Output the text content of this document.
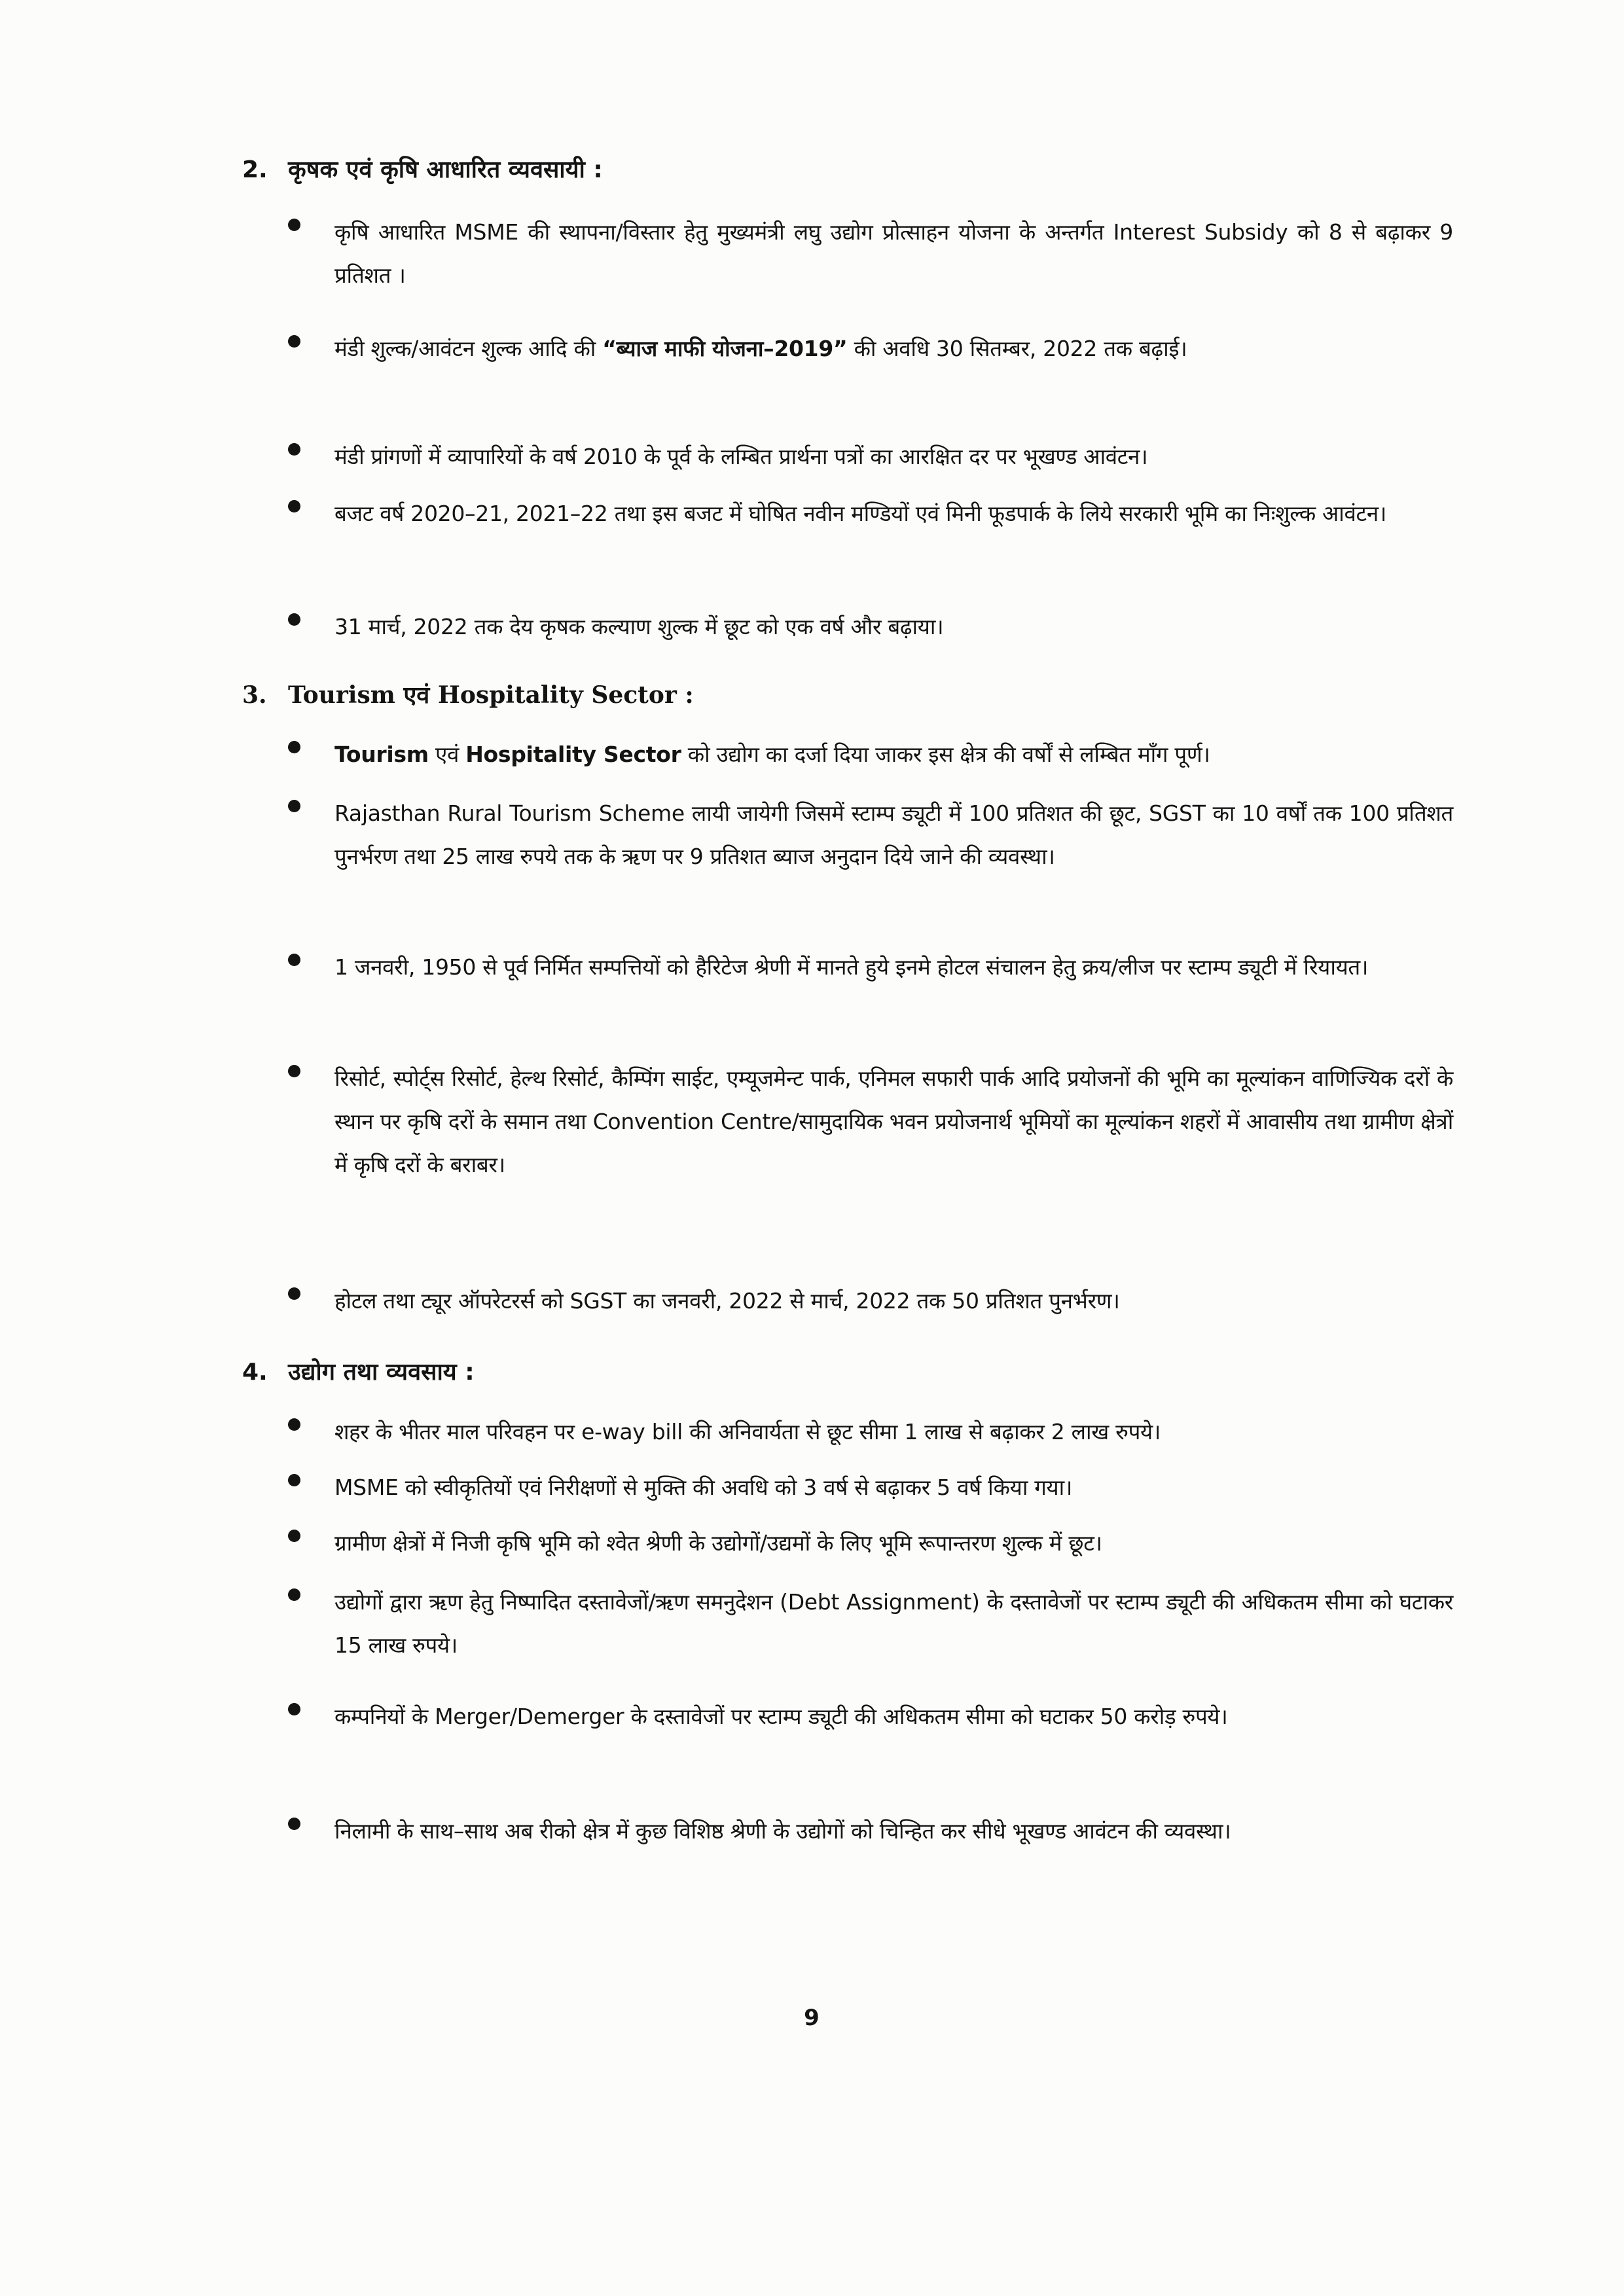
2. कृषक एवं कृषि आधारित व्यवसायी :
कृषि आधारित MSME की स्थापना/विस्तार हेतु मुख्यमंत्री लघु उद्योग प्रोत्साहन योजना के अन्तर्गत Interest Subsidy को 8 से बढ़ाकर 9 प्रतिशत ।
मंडी शुल्क/आवंटन शुल्क आदि की “ब्याज माफी योजना–2019” की अवधि 30 सितम्बर, 2022 तक बढ़ाई।
मंडी प्रांगणों में व्यापारियों के वर्ष 2010 के पूर्व के लम्बित प्रार्थना पत्रों का आरक्षित दर पर भूखण्ड आवंटन।
बजट वर्ष 2020–21, 2021–22 तथा इस बजट में घोषित नवीन मण्डियों एवं मिनी फूडपार्क के लिये सरकारी भूमि का निःशुल्क आवंटन।
31 मार्च, 2022 तक देय कृषक कल्याण शुल्क में छूट को एक वर्ष और बढ़ाया।
3. Tourism एवं Hospitality Sector :
Tourism एवं Hospitality Sector को उद्योग का दर्जा दिया जाकर इस क्षेत्र की वर्षों से लम्बित माँग पूर्ण।
Rajasthan Rural Tourism Scheme लायी जायेगी जिसमें स्टाम्प ड्यूटी में 100 प्रतिशत की छूट, SGST का 10 वर्षों तक 100 प्रतिशत पुनर्भरण तथा 25 लाख रुपये तक के ऋण पर 9 प्रतिशत ब्याज अनुदान दिये जाने की व्यवस्था।
1 जनवरी, 1950 से पूर्व निर्मित सम्पत्तियों को हैरिटेज श्रेणी में मानते हुये इनमे होटल संचालन हेतु क्रय/लीज पर स्टाम्प ड्यूटी में रियायत।
रिसोर्ट, स्पोर्ट्स रिसोर्ट, हेल्थ रिसोर्ट, कैम्पिंग साईट, एम्यूजमेन्ट पार्क, एनिमल सफारी पार्क आदि प्रयोजनों की भूमि का मूल्यांकन वाणिज्यिक दरों के स्थान पर कृषि दरों के समान तथा Convention Centre/सामुदायिक भवन प्रयोजनार्थ भूमियों का मूल्यांकन शहरों में आवासीय तथा ग्रामीण क्षेत्रों में कृषि दरों के बराबर।
होटल तथा ट्यूर ऑपरेटरर्स को SGST का जनवरी, 2022 से मार्च, 2022 तक 50 प्रतिशत पुनर्भरण।
4. उद्योग तथा व्यवसाय :
शहर के भीतर माल परिवहन पर e-way bill की अनिवार्यता से छूट सीमा 1 लाख से बढ़ाकर 2 लाख रुपये।
MSME को स्वीकृतियों एवं निरीक्षणों से मुक्ति की अवधि को 3 वर्ष से बढ़ाकर 5 वर्ष किया गया।
ग्रामीण क्षेत्रों में निजी कृषि भूमि को श्वेत श्रेणी के उद्योगों/उद्यमों के लिए भूमि रूपान्तरण शुल्क में छूट।
उद्योगों द्वारा ऋण हेतु निष्पादित दस्तावेजों/ऋण समनुदेशन (Debt Assignment) के दस्तावेजों पर स्टाम्प ड्यूटी की अधिकतम सीमा को घटाकर 15 लाख रुपये।
कम्पनियों के Merger/Demerger के दस्तावेजों पर स्टाम्प ड्यूटी की अधिकतम सीमा को घटाकर 50 करोड़ रुपये।
निलामी के साथ–साथ अब रीको क्षेत्र में कुछ विशिष्ठ श्रेणी के उद्योगों को चिन्हित कर सीधे भूखण्ड आवंटन की व्यवस्था।
9
